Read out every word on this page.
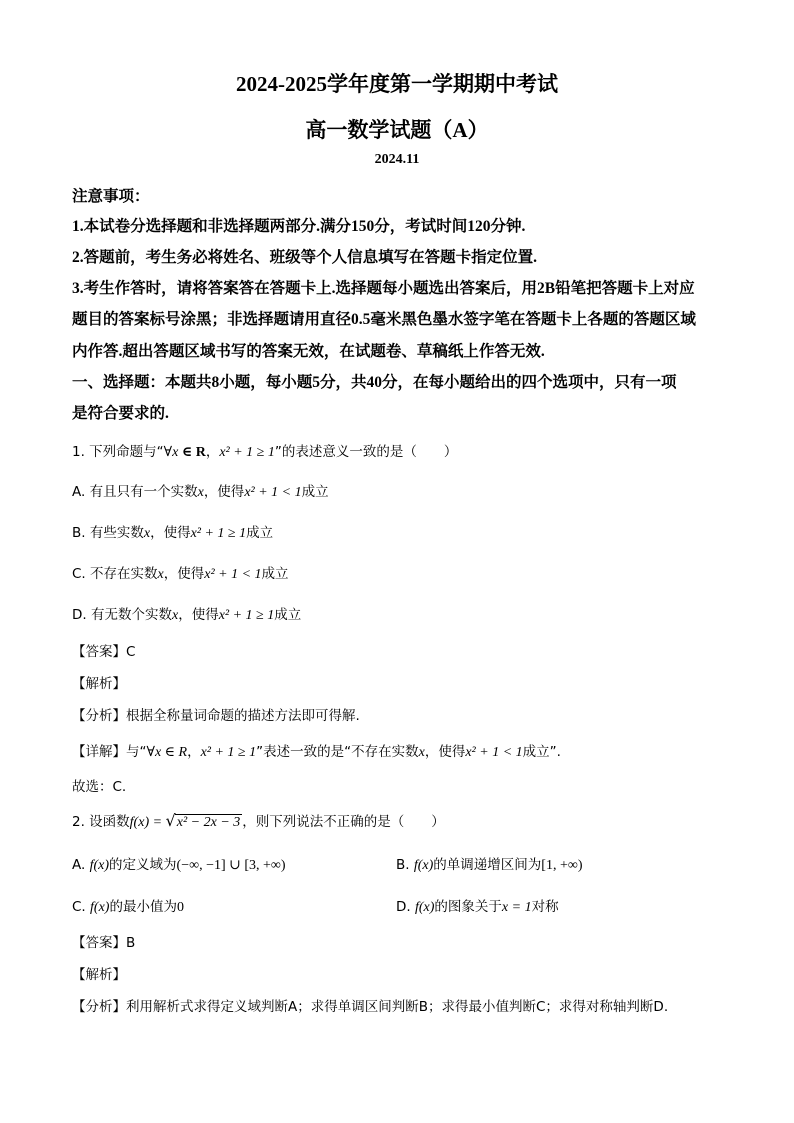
2024-2025学年度第一学期期中考试
高一数学试题（A）
2024.11
注意事项：
1.本试卷分选择题和非选择题两部分.满分150分，考试时间120分钟.
2.答题前，考生务必将姓名、班级等个人信息填写在答题卡指定位置.
3.考生作答时，请将答案答在答题卡上.选择题每小题选出答案后，用2B铅笔把答题卡上对应
题目的答案标号涂黑；非选择题请用直径0.5毫米黑色墨水签字笔在答题卡上各题的答题区域
内作答.超出答题区域书写的答案无效，在试题卷、草稿纸上作答无效.
一、选择题：本题共8小题，每小题5分，共40分，在每小题给出的四个选项中，只有一项
是符合要求的.
1. 下列命题与“∀x ∈ R，x² + 1 ≥ 1”的表述意义一致的是（　　）
A. 有且只有一个实数x，使得x² + 1 < 1成立
B. 有些实数x，使得x² + 1 ≥ 1成立
C. 不存在实数x，使得x² + 1 < 1成立
D. 有无数个实数x，使得x² + 1 ≥ 1成立
【答案】C
【解析】
【分析】根据全称量词命题的描述方法即可得解.
【详解】与“∀x ∈ R，x² + 1 ≥ 1”表述一致的是“不存在实数x，使得x² + 1 < 1成立”.
故选：C.
2. 设函数f(x) = √x² − 2x − 3 ，则下列说法不正确的是（　　）
A. f(x)的定义域为(−∞, −1] ∪ [3, +∞)	B. f(x)的单调递增区间为[1, +∞)
C. f(x)的最小值为0	D. f(x)的图象关于x = 1对称
【答案】B
【解析】
【分析】利用解析式求得定义域判断A；求得单调区间判断B；求得最小值判断C；求得对称轴判断D.
